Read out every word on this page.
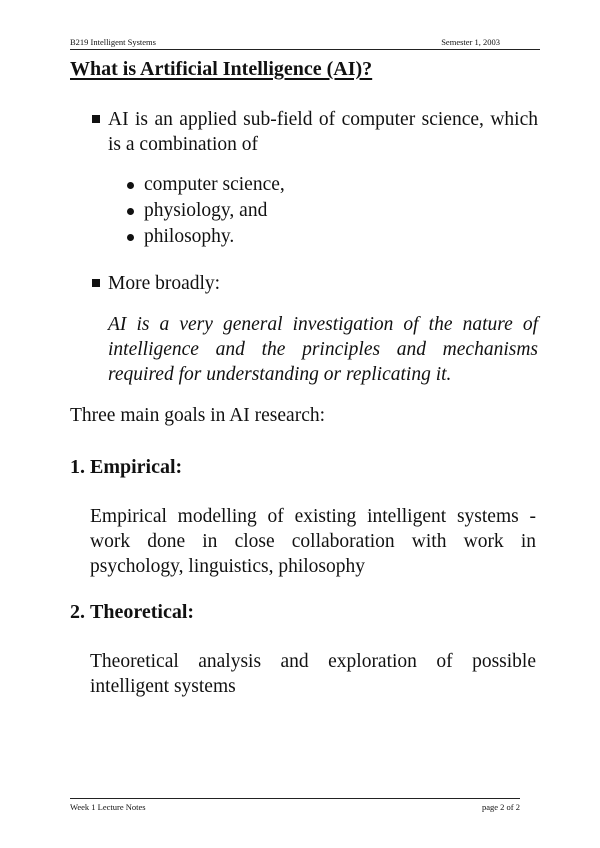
B219 Intelligent Systems	Semester 1, 2003
What is Artificial Intelligence (AI)?
AI is an applied sub-field of computer science, which is a combination of
computer science,
physiology, and
philosophy.
More broadly:
AI is a very general investigation of the nature of intelligence and the principles and mechanisms required for understanding or replicating it.
Three main goals in AI research:
1. Empirical:
Empirical modelling of existing intelligent systems - work done in close collaboration with work in psychology, linguistics, philosophy
2. Theoretical:
Theoretical analysis and exploration of possible intelligent systems
Week 1 Lecture Notes	page 2 of 2
